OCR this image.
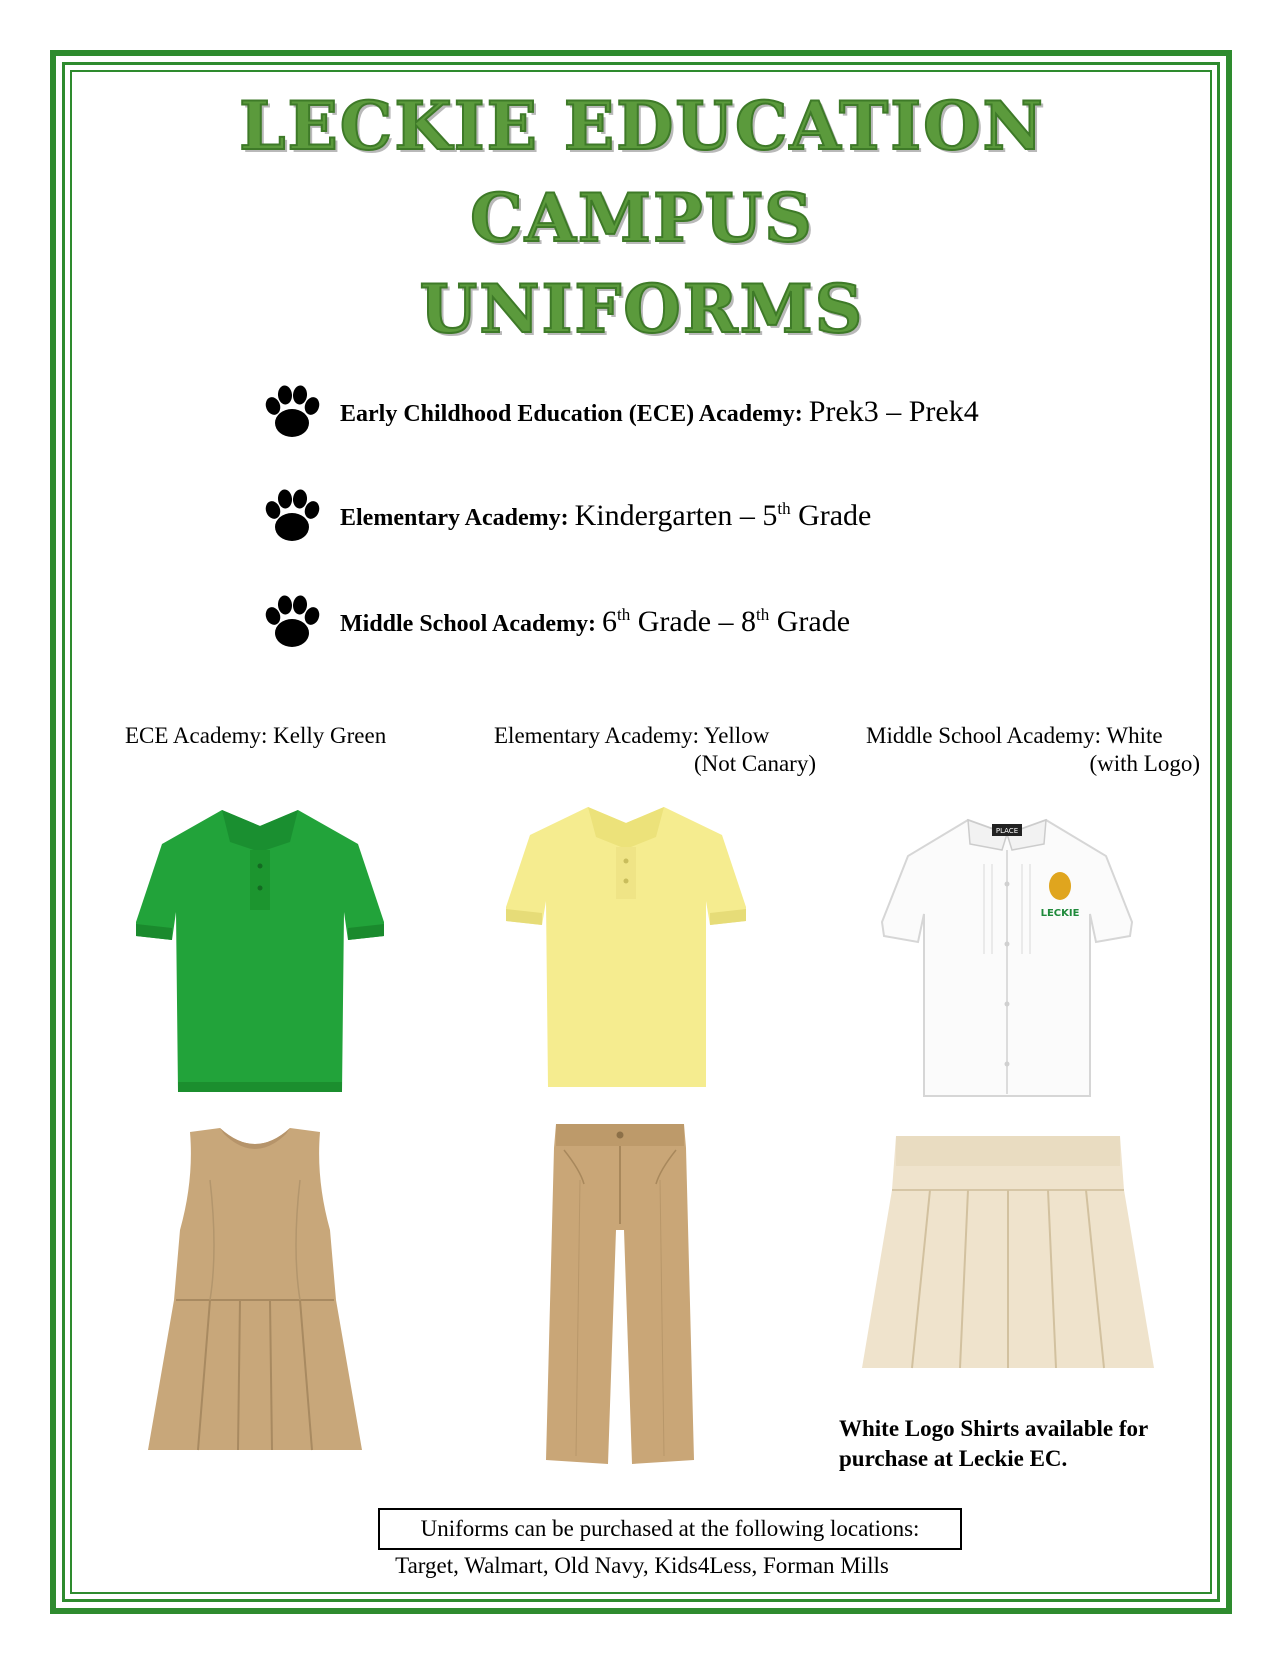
LECKIE EDUCATION
CAMPUS
UNIFORMS
Early Childhood Education (ECE) Academy: Prek3 – Prek4
Elementary Academy: Kindergarten – 5th Grade
Middle School Academy: 6th Grade – 8th Grade
ECE Academy: Kelly Green	Elementary Academy: Yellow
(Not Canary)
Middle School Academy: White
(with Logo)
PLACE
LECKIE
White Logo Shirts available for
purchase at Leckie EC.
Uniforms can be purchased at the following locations:
Target, Walmart, Old Navy, Kids4Less, Forman Mills
